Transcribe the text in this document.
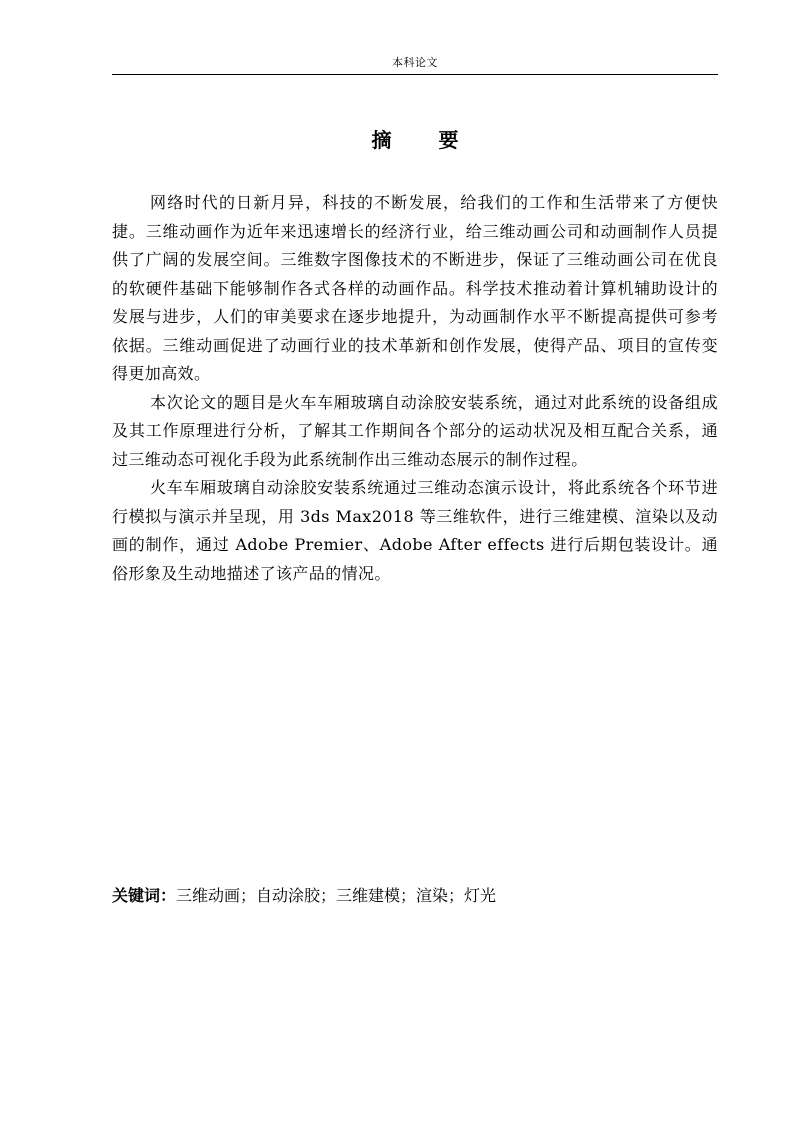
本科论文
摘 要

网络时代的日新月异，科技的不断发展，给我们的工作和生活带来了方便快捷。三维动画作为近年来迅速增长的经济行业，给三维动画公司和动画制作人员提供了广阔的发展空间。三维数字图像技术的不断进步，保证了三维动画公司在优良的软硬件基础下能够制作各式各样的动画作品。科学技术推动着计算机辅助设计的发展与进步，人们的审美要求在逐步地提升，为动画制作水平不断提高提供可参考依据。三维动画促进了动画行业的技术革新和创作发展，使得产品、项目的宣传变得更加高效。

本次论文的题目是火车车厢玻璃自动涂胶安装系统，通过对此系统的设备组成及其工作原理进行分析，了解其工作期间各个部分的运动状况及相互配合关系，通过三维动态可视化手段为此系统制作出三维动态展示的制作过程。

火车车厢玻璃自动涂胶安装系统通过三维动态演示设计，将此系统各个环节进行模拟与演示并呈现，用 3ds Max2018 等三维软件，进行三维建模、渲染以及动画的制作，通过 Adobe Premier、Adobe After effects 进行后期包装设计。通俗形象及生动地描述了该产品的情况。

关键词：三维动画；自动涂胶；三维建模；渲染；灯光
